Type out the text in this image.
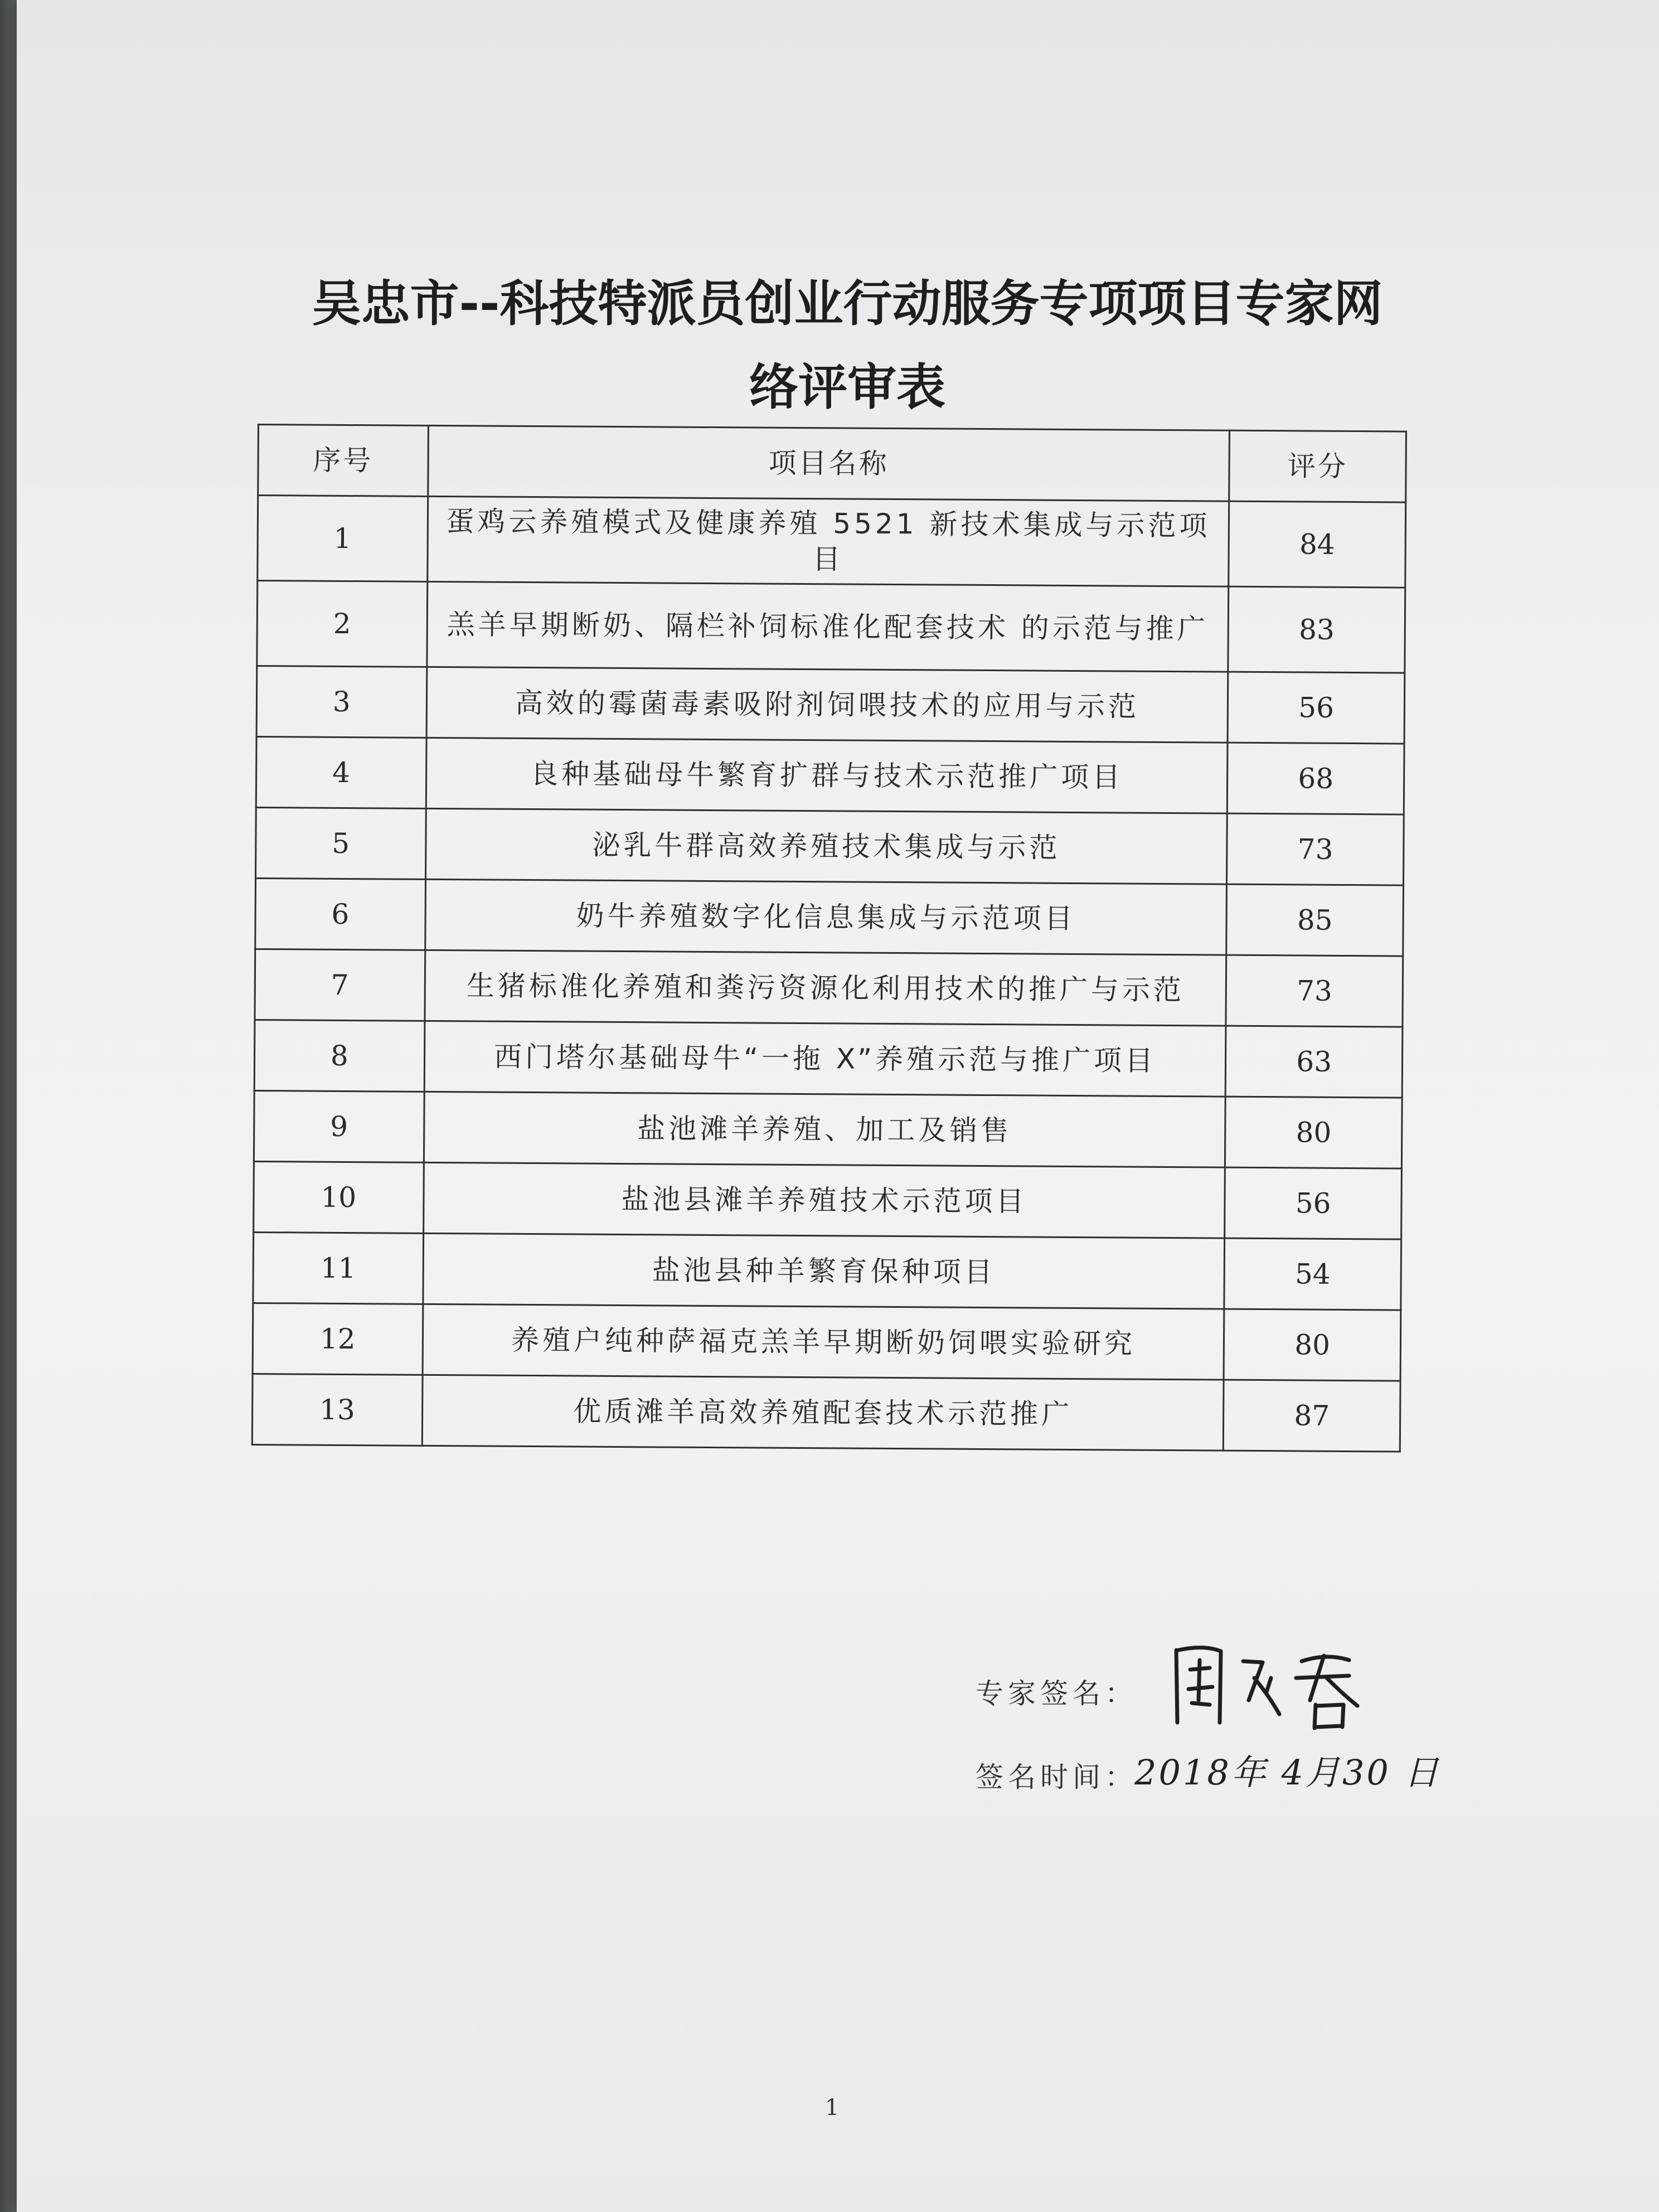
吴忠市--科技特派员创业行动服务专项项目专家网
络评审表
序号	项目名称	评分
1	蛋鸡云养殖模式及健康养殖 5521 新技术集成与示范项目	84
2	羔羊早期断奶、隔栏补饲标准化配套技术 的示范与推广	83
3	高效的霉菌毒素吸附剂饲喂技术的应用与示范	56
4	良种基础母牛繁育扩群与技术示范推广项目	68
5	泌乳牛群高效养殖技术集成与示范	73
6	奶牛养殖数字化信息集成与示范项目	85
7	生猪标准化养殖和粪污资源化利用技术的推广与示范	73
8	西门塔尔基础母牛“一拖 X”养殖示范与推广项目	63
9	盐池滩羊养殖、加工及销售	80
10	盐池县滩羊养殖技术示范项目	56
11	盐池县种羊繁育保种项目	54
12	养殖户纯种萨福克羔羊早期断奶饲喂实验研究	80
13	优质滩羊高效养殖配套技术示范推广	87
专家签名：
签名时间：
2018年 4月30 日
1
